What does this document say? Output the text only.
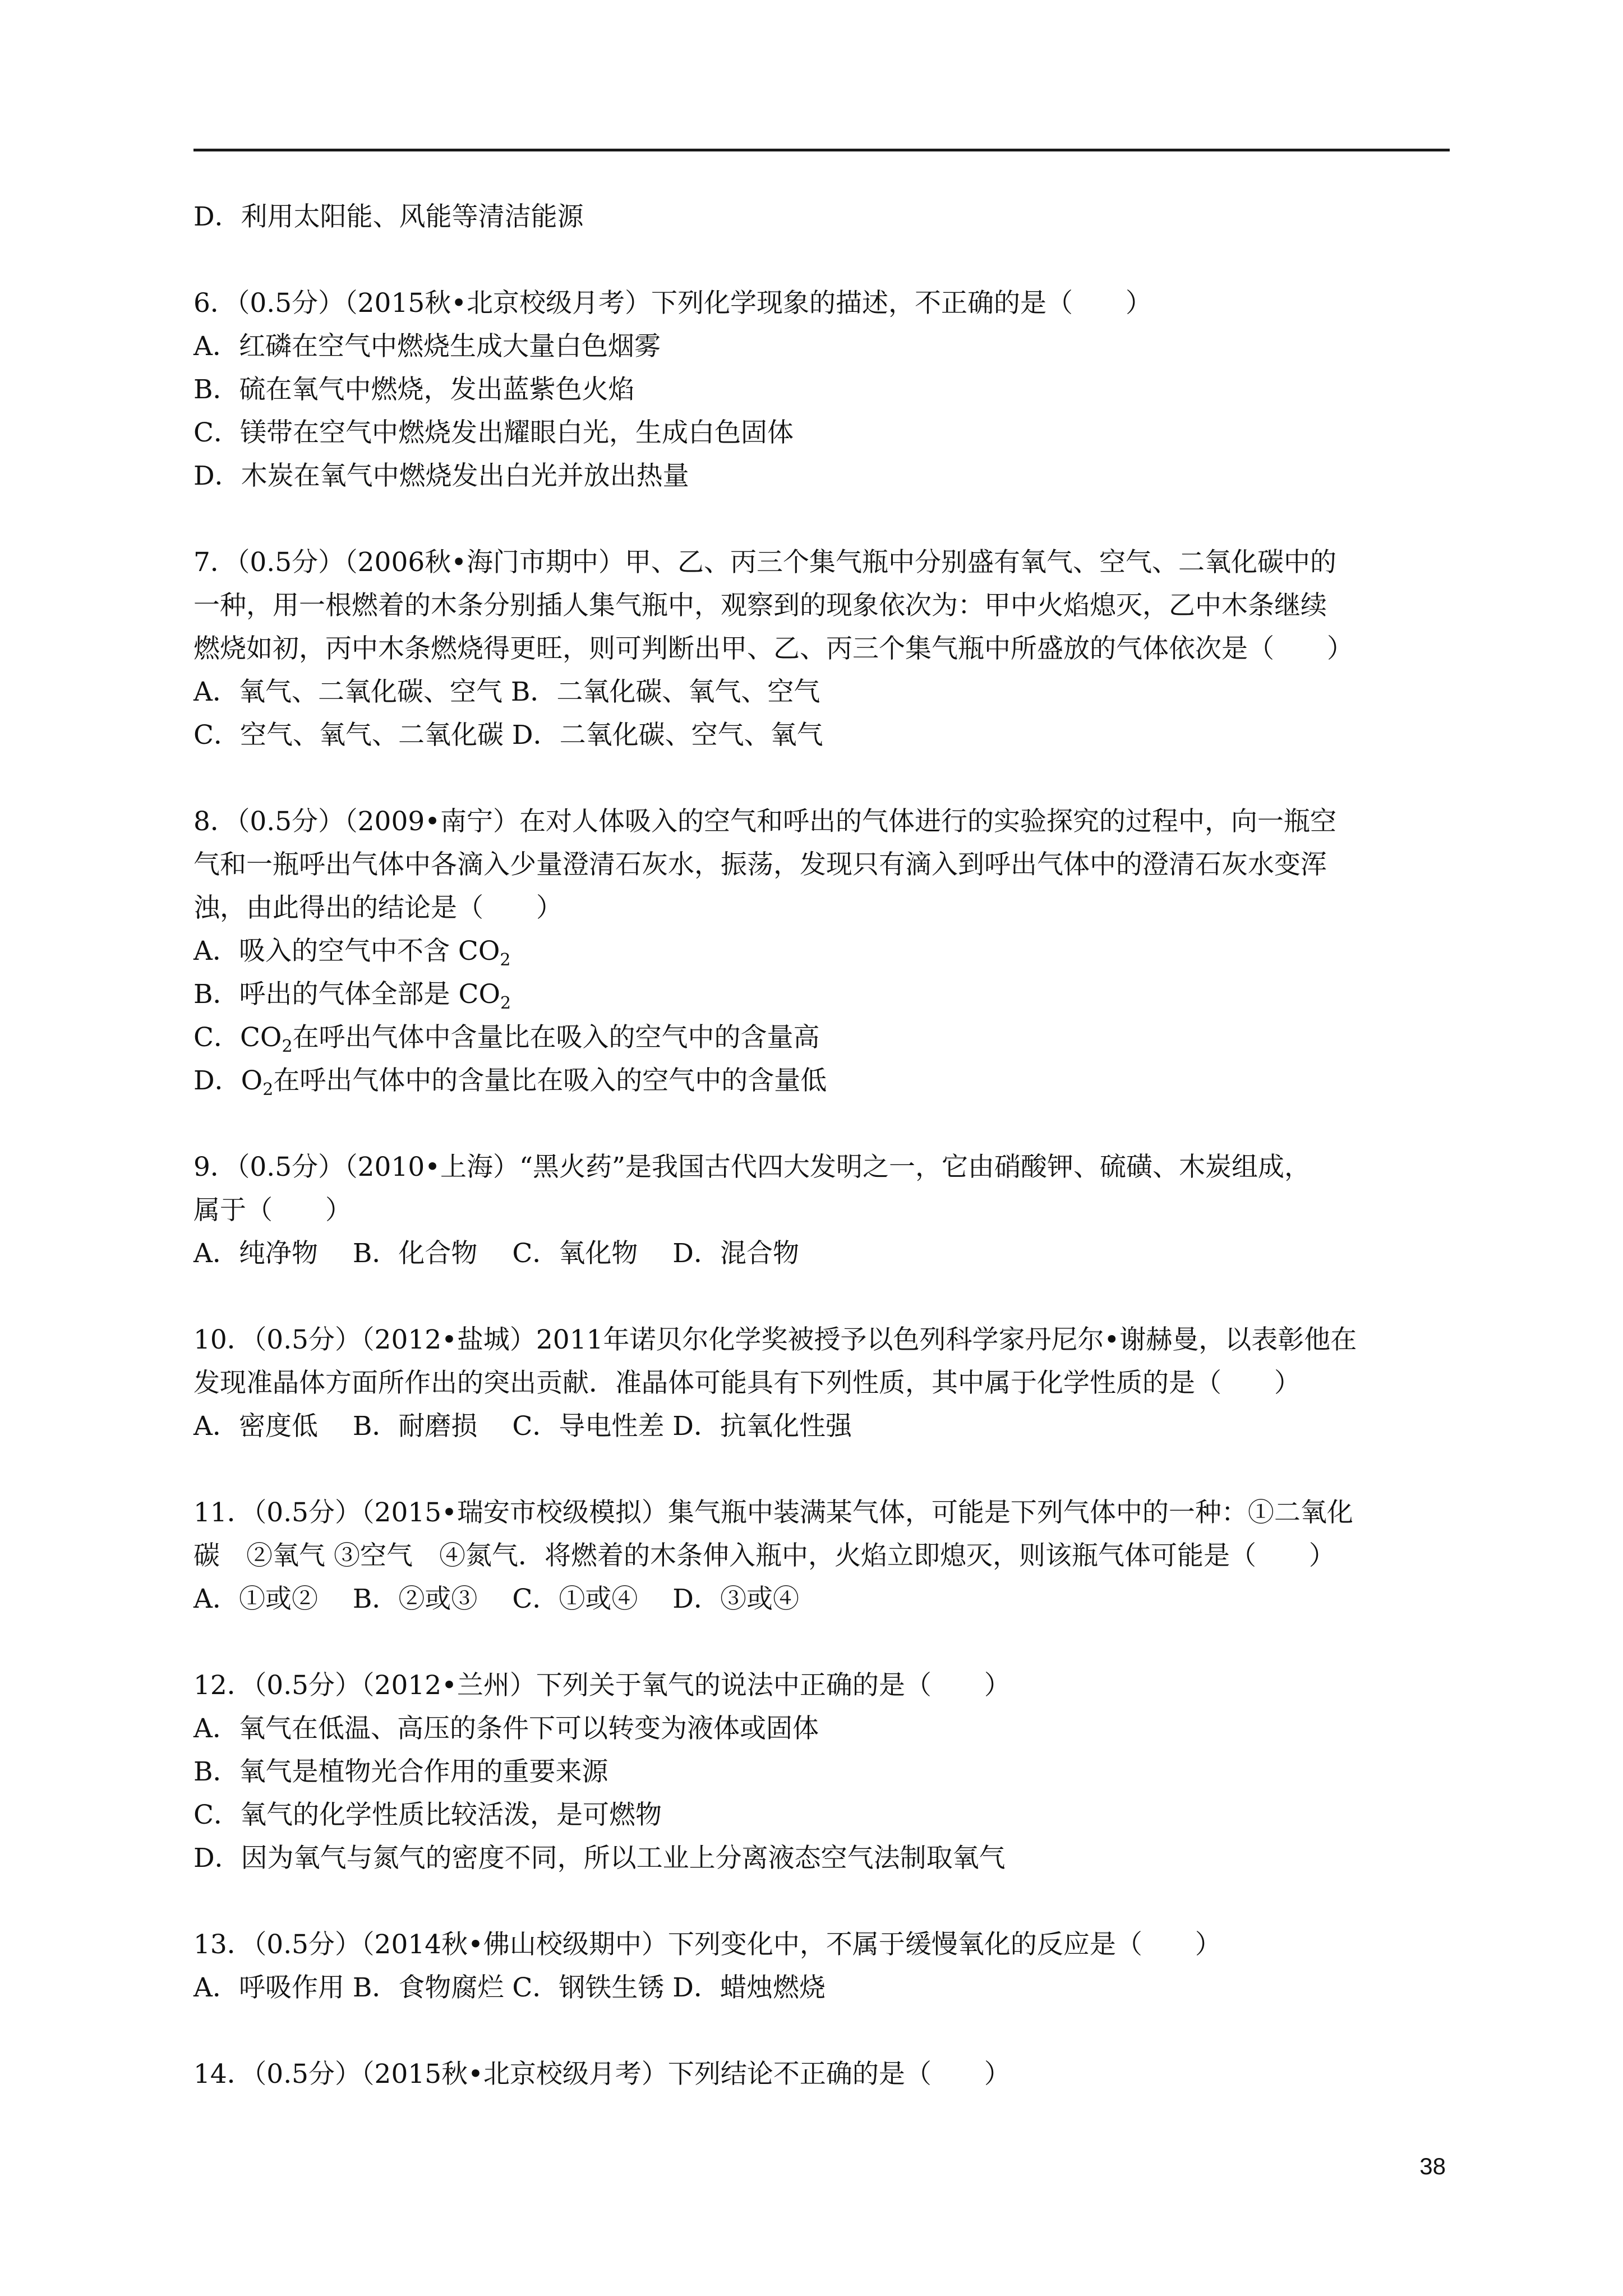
D．利用太阳能、风能等清洁能源
6．（0.5分）（2015秋•北京校级月考）下列化学现象的描述，不正确的是（　　）
A．红磷在空气中燃烧生成大量白色烟雾
B．硫在氧气中燃烧，发出蓝紫色火焰
C．镁带在空气中燃烧发出耀眼白光，生成白色固体
D．木炭在氧气中燃烧发出白光并放出热量
7．（0.5分）（2006秋•海门市期中）甲、乙、丙三个集气瓶中分别盛有氧气、空气、二氧化碳中的
一种，用一根燃着的木条分别插人集气瓶中，观察到的现象依次为：甲中火焰熄灭，乙中木条继续
燃烧如初，丙中木条燃烧得更旺，则可判断出甲、乙、丙三个集气瓶中所盛放的气体依次是（　　）
A．氧气、二氧化碳、空气 B．二氧化碳、氧气、空气
C．空气、氧气、二氧化碳 D．二氧化碳、空气、氧气
8．（0.5分）（2009•南宁）在对人体吸入的空气和呼出的气体进行的实验探究的过程中，向一瓶空
气和一瓶呼出气体中各滴入少量澄清石灰水，振荡，发现只有滴入到呼出气体中的澄清石灰水变浑
浊，由此得出的结论是（　　）
A．吸入的空气中不含 $CO_2$
B．呼出的气体全部是 $CO_2$
C．$CO_2$在呼出气体中含量比在吸入的空气中的含量高
D．$O_2$在呼出气体中的含量比在吸入的空气中的含量低
9．（0.5分）（2010•上海）“黑火药”是我国古代四大发明之一，它由硝酸钾、硫磺、木炭组成，
属于（　　）
A．纯净物　 B．化合物　 C．氧化物　 D．混合物
10．（0.5分）（2012•盐城）2011年诺贝尔化学奖被授予以色列科学家丹尼尔•谢赫曼，以表彰他在
发现准晶体方面所作出的突出贡献．准晶体可能具有下列性质，其中属于化学性质的是（　　）
A．密度低　 B．耐磨损　 C．导电性差 D．抗氧化性强
11．（0.5分）（2015•瑞安市校级模拟）集气瓶中装满某气体，可能是下列气体中的一种：①二氧化
碳　②氧气 ③空气　④氮气．将燃着的木条伸入瓶中，火焰立即熄灭，则该瓶气体可能是（　　）
A．①或②　 B．②或③　 C．①或④　 D．③或④
12．（0.5分）（2012•兰州）下列关于氧气的说法中正确的是（　　）
A．氧气在低温、高压的条件下可以转变为液体或固体
B．氧气是植物光合作用的重要来源
C．氧气的化学性质比较活泼，是可燃物
D．因为氧气与氮气的密度不同，所以工业上分离液态空气法制取氧气
13．（0.5分）（2014秋•佛山校级期中）下列变化中，不属于缓慢氧化的反应是（　　）
A．呼吸作用 B．食物腐烂 C．钢铁生锈 D．蜡烛燃烧
14．（0.5分）（2015秋•北京校级月考）下列结论不正确的是（　　）
38
